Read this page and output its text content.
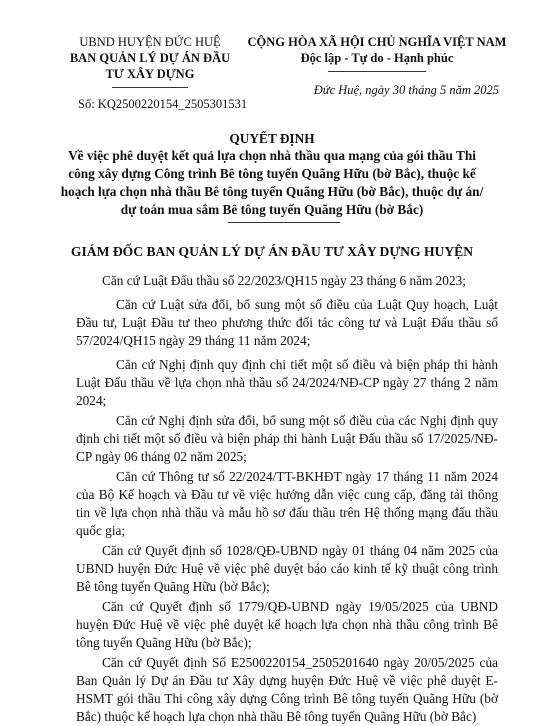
UBND HUYỆN ĐỨC HUỆ
BAN QUẢN LÝ DỰ ÁN ĐẦU
TƯ XÂY DỰNG
Số: KQ2500220154_2505301531
CỘNG HÒA XÃ HỘI CHỦ NGHĨA VIỆT NAM
Độc lập - Tự do - Hạnh phúc
Đức Huệ, ngày 30 tháng 5 năm 2025
QUYẾT ĐỊNH
Về việc phê duyệt kết quả lựa chọn nhà thầu qua mạng của gói thầu Thi
công xây dựng Công trình Bê tông tuyến Quãng Hữu (bờ Bắc), thuộc kế
hoạch lựa chọn nhà thầu Bê tông tuyến Quãng Hữu (bờ Bắc), thuộc dự án/
dự toán mua sắm Bê tông tuyến Quãng Hữu (bờ Bắc)
GIÁM ĐỐC BAN QUẢN LÝ DỰ ÁN ĐẦU TƯ XÂY DỰNG HUYỆN
Căn cứ Luật Đấu thầu số 22/2023/QH15 ngày 23 tháng 6 năm 2023;
Căn cứ Luật sửa đổi, bổ sung một số điều của Luật Quy hoạch, Luật Đầu tư, Luật Đầu tư theo phương thức đối tác công tư và Luật Đấu thầu số 57/2024/QH15 ngày 29 tháng 11 năm 2024;
Căn cứ Nghị định quy định chi tiết một số điều và biện pháp thi hành Luật Đấu thầu về lựa chọn nhà thầu số 24/2024/NĐ-CP ngày 27 tháng 2 năm 2024;
Căn cứ Nghị định sửa đổi, bổ sung một số điều của các Nghị định quy định chi tiết một số điều và biện pháp thi hành Luật Đấu thầu số 17/2025/NĐ-CP ngày 06 tháng 02 năm 2025;
Căn cứ Thông tư số 22/2024/TT-BKHĐT ngày 17 tháng 11 năm 2024 của Bộ Kế hoạch và Đầu tư về việc hướng dẫn việc cung cấp, đăng tải thông tin về lựa chọn nhà thầu và mẫu hồ sơ đấu thầu trên Hệ thống mạng đấu thầu quốc gia;
Căn cứ Quyết định số 1028/QĐ-UBND ngày 01 tháng 04 năm 2025 của UBND huyện Đức Huệ về việc phê duyệt báo cáo kinh tế kỹ thuật công trình Bê tông tuyến Quãng Hữu (bờ Bắc);
Căn cứ Quyết định số 1779/QĐ-UBND ngày 19/05/2025 của UBND huyện Đức Huệ về việc phê duyệt kế hoạch lựa chọn nhà thầu công trình Bê tông tuyến Quãng Hữu (bờ Bắc);
Căn cứ Quyết định Số E2500220154_2505201640 ngày 20/05/2025 của Ban Quản lý Dự án Đầu tư Xây dựng huyện Đức Huệ về việc phê duyệt E-HSMT gói thầu Thi công xây dựng Công trình Bê tông tuyến Quãng Hữu (bờ Bắc) thuộc kế hoạch lựa chọn nhà thầu Bê tông tuyến Quãng Hữu (bờ Bắc)
